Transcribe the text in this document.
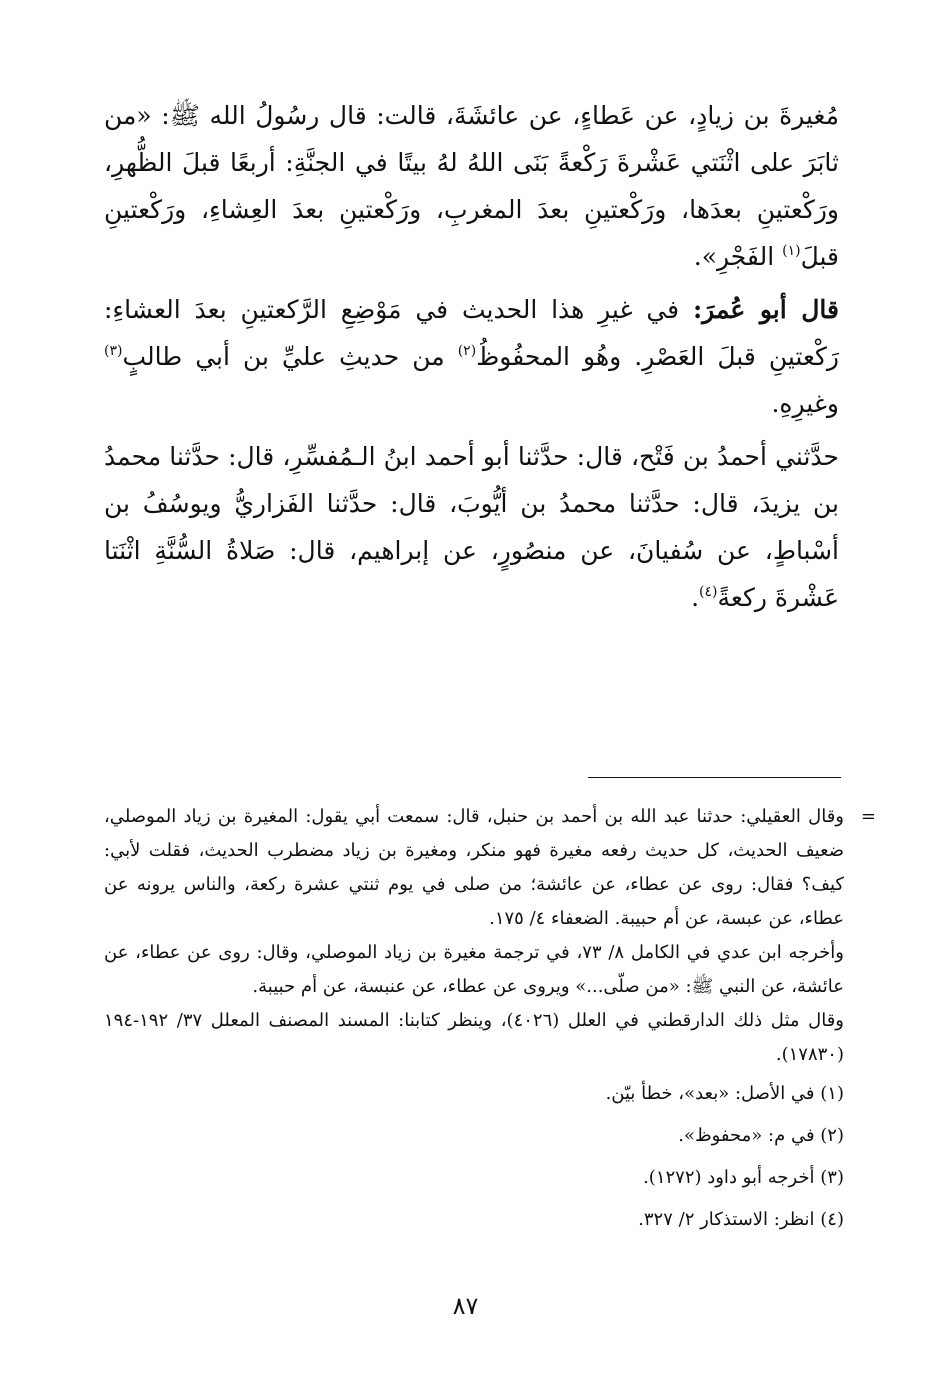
مُغيرةَ بن زيادٍ، عن عَطاءٍ، عن عائشَةَ، قالت: قال رسُولُ الله ﷺ: «من ثابَرَ على اثْنَتي عَشْرةَ رَكْعةً بَنَى اللهُ لهُ بيتًا في الجنَّةِ: أربعًا قبلَ الظُّهرِ، ورَكْعتينِ بعدَها، ورَكْعتينِ بعدَ المغربِ، ورَكْعتينِ بعدَ العِشاءِ، ورَكْعتينِ قبلَ$^{(١)}$ الفَجْرِ».

قال أبو عُمرَ: في غيرِ هذا الحديث في مَوْضِعِ الرَّكعتينِ بعدَ العشاءِ: رَكْعتينِ قبلَ العَصْرِ. وهُو المحفُوظُ$^{(٢)}$ من حديثِ عليِّ بن أبي طالبٍ$^{(٣)}$ وغيرِهِ.

حدَّثني أحمدُ بن فَتْح، قال: حدَّثنا أبو أحمد ابنُ الـمُفسِّرِ، قال: حدَّثنا محمدُ بن يزيدَ، قال: حدَّثنا محمدُ بن أيُّوبَ، قال: حدَّثنا الفَزاريُّ ويوسُفُ بن أسْباطٍ، عن سُفيانَ، عن منصُورٍ، عن إبراهيم، قال: صَلاةُ السُّنَّةِ اثْنَتا عَشْرةَ ركعةً$^{(٤)}$.

=
وقال العقيلي: حدثنا عبد الله بن أحمد بن حنبل، قال: سمعت أبي يقول: المغيرة بن زياد الموصلي، ضعيف الحديث، كل حديث رفعه مغيرة فهو منكر، ومغيرة بن زياد مضطرب الحديث، فقلت لأبي: كيف؟ فقال: روى عن عطاء، عن عائشة؛ من صلى في يوم ثنتي عشرة ركعة، والناس يرونه عن عطاء، عن عبسة، عن أم حبيبة. الضعفاء ٤/ ١٧٥.

وأخرجه ابن عدي في الكامل ٨/ ٧٣، في ترجمة مغيرة بن زياد الموصلي، وقال: روى عن عطاء، عن عائشة، عن النبي ﷺ: «من صلّى...» ويروى عن عطاء، عن عنبسة، عن أم حبيبة.

وقال مثل ذلك الدارقطني في العلل (٤٠٢٦)، وينظر كتابنا: المسند المصنف المعلل ٣٧/ ١٩٢-١٩٤ (١٧٨٣٠).

(١) في الأصل: «بعد»، خطأ بيّن.

(٢) في م: «محفوظ».

(٣) أخرجه أبو داود (١٢٧٢).

(٤) انظر: الاستذكار ٢/ ٣٢٧.

٨٧
